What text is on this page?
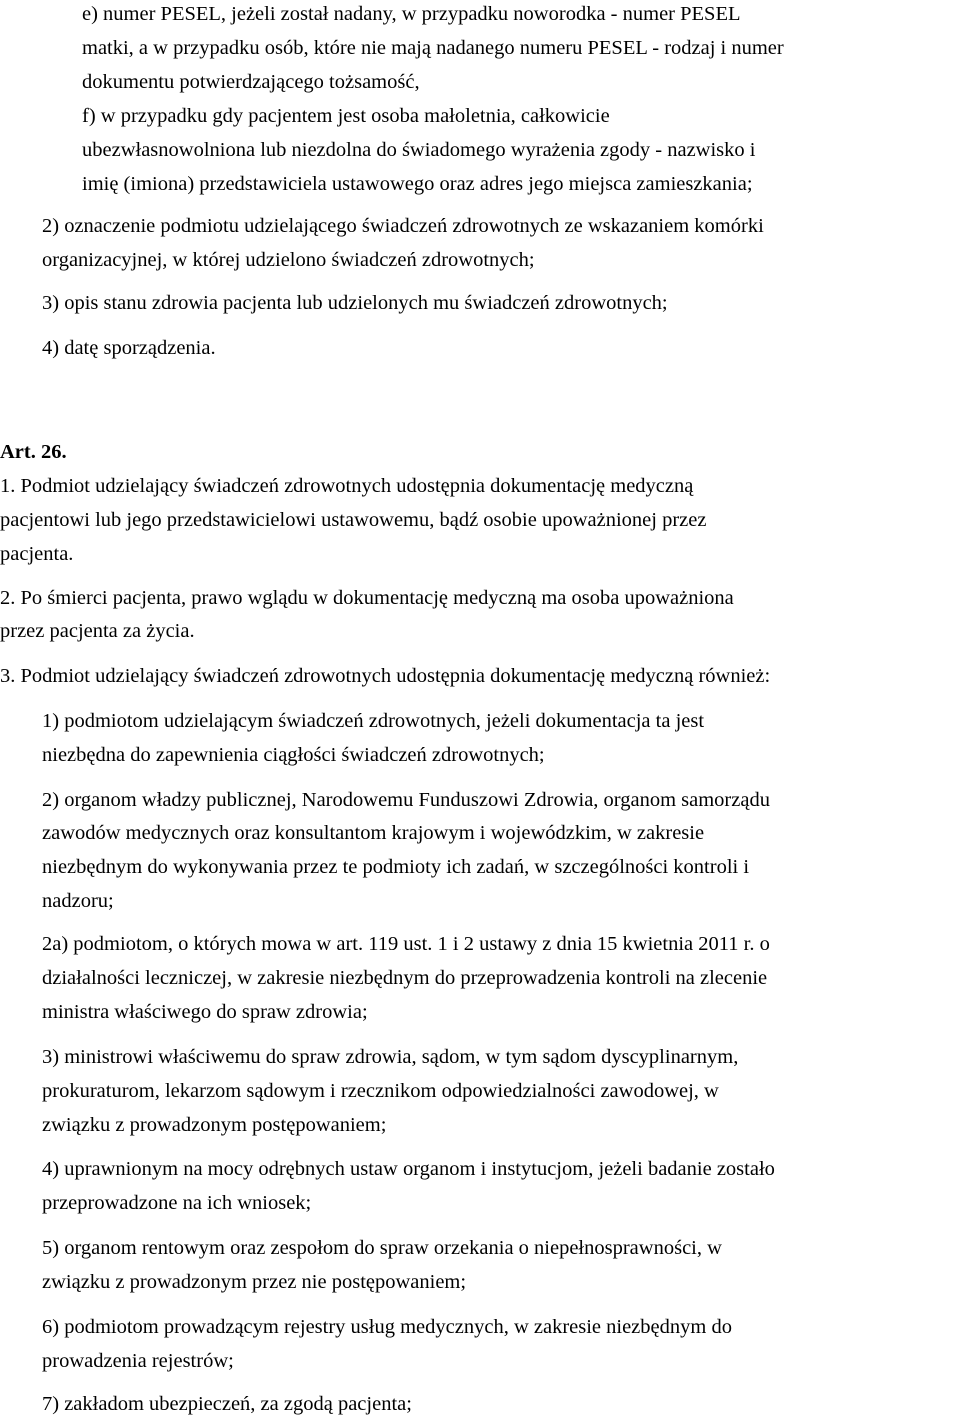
e) numer PESEL, jeżeli został nadany, w przypadku noworodka - numer PESEL
matki, a w przypadku osób, które nie mają nadanego numeru PESEL - rodzaj i numer
dokumentu potwierdzającego tożsamość,
f) w przypadku gdy pacjentem jest osoba małoletnia, całkowicie
ubezwłasnowolniona lub niezdolna do świadomego wyrażenia zgody - nazwisko i
imię (imiona) przedstawiciela ustawowego oraz adres jego miejsca zamieszkania;
2) oznaczenie podmiotu udzielającego świadczeń zdrowotnych ze wskazaniem komórki
organizacyjnej, w której udzielono świadczeń zdrowotnych;
3) opis stanu zdrowia pacjenta lub udzielonych mu świadczeń zdrowotnych;
4) datę sporządzenia.
Art. 26.
1. Podmiot udzielający świadczeń zdrowotnych udostępnia dokumentację medyczną
pacjentowi lub jego przedstawicielowi ustawowemu, bądź osobie upoważnionej przez
pacjenta.
2. Po śmierci pacjenta, prawo wglądu w dokumentację medyczną ma osoba upoważniona
przez pacjenta za życia.
3. Podmiot udzielający świadczeń zdrowotnych udostępnia dokumentację medyczną również:
1) podmiotom udzielającym świadczeń zdrowotnych, jeżeli dokumentacja ta jest
niezbędna do zapewnienia ciągłości świadczeń zdrowotnych;
2) organom władzy publicznej, Narodowemu Funduszowi Zdrowia, organom samorządu
zawodów medycznych oraz konsultantom krajowym i wojewódzkim, w zakresie
niezbędnym do wykonywania przez te podmioty ich zadań, w szczególności kontroli i
nadzoru;
2a) podmiotom, o których mowa w art. 119 ust. 1 i 2 ustawy z dnia 15 kwietnia 2011 r. o
działalności leczniczej, w zakresie niezbędnym do przeprowadzenia kontroli na zlecenie
ministra właściwego do spraw zdrowia;
3) ministrowi właściwemu do spraw zdrowia, sądom, w tym sądom dyscyplinarnym,
prokuraturom, lekarzom sądowym i rzecznikom odpowiedzialności zawodowej, w
związku z prowadzonym postępowaniem;
4) uprawnionym na mocy odrębnych ustaw organom i instytucjom, jeżeli badanie zostało
przeprowadzone na ich wniosek;
5) organom rentowym oraz zespołom do spraw orzekania o niepełnosprawności, w
związku z prowadzonym przez nie postępowaniem;
6) podmiotom prowadzącym rejestry usług medycznych, w zakresie niezbędnym do
prowadzenia rejestrów;
7) zakładom ubezpieczeń, za zgodą pacjenta;
